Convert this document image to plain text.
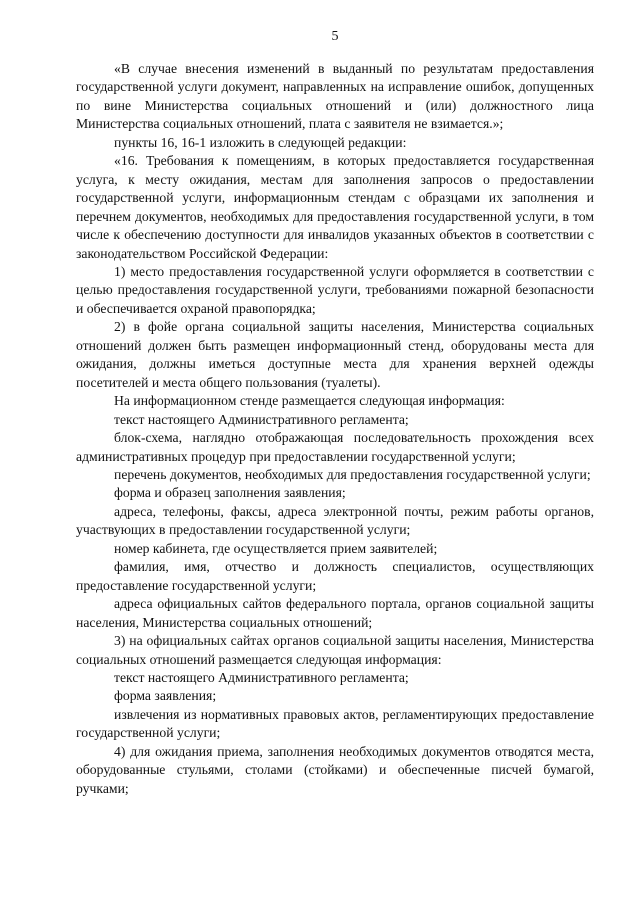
5

«В случае внесения изменений в выданный по результатам предоставления государственной услуги документ, направленных на исправление ошибок, допущенных по вине Министерства социальных отношений и (или) должностного лица Министерства социальных отношений, плата с заявителя не взимается.»;

пункты 16, 16-1 изложить в следующей редакции:

«16. Требования к помещениям, в которых предоставляется государственная услуга, к месту ожидания, местам для заполнения запросов о предоставлении государственной услуги, информационным стендам с образцами их заполнения и перечнем документов, необходимых для предоставления государственной услуги, в том числе к обеспечению доступности для инвалидов указанных объектов в соответствии с законодательством Российской Федерации:

1) место предоставления государственной услуги оформляется в соответствии с целью предоставления государственной услуги, требованиями пожарной безопасности и обеспечивается охраной правопорядка;

2) в фойе органа социальной защиты населения, Министерства социальных отношений должен быть размещен информационный стенд, оборудованы места для ожидания, должны иметься доступные места для хранения верхней одежды посетителей и места общего пользования (туалеты).

На информационном стенде размещается следующая информация:

текст настоящего Административного регламента;

блок-схема, наглядно отображающая последовательность прохождения всех административных процедур при предоставлении государственной услуги;

перечень документов, необходимых для предоставления государственной услуги;

форма и образец заполнения заявления;

адреса, телефоны, факсы, адреса электронной почты, режим работы органов, участвующих в предоставлении государственной услуги;

номер кабинета, где осуществляется прием заявителей;

фамилия, имя, отчество и должность специалистов, осуществляющих предоставление государственной услуги;

адреса официальных сайтов федерального портала, органов социальной защиты населения, Министерства социальных отношений;

3) на официальных сайтах органов социальной защиты населения, Министерства социальных отношений размещается следующая информация:

текст настоящего Административного регламента;

форма заявления;

извлечения из нормативных правовых актов, регламентирующих предоставление государственной услуги;

4) для ожидания приема, заполнения необходимых документов отводятся места, оборудованные стульями, столами (стойками) и обеспеченные писчей бумагой, ручками;
